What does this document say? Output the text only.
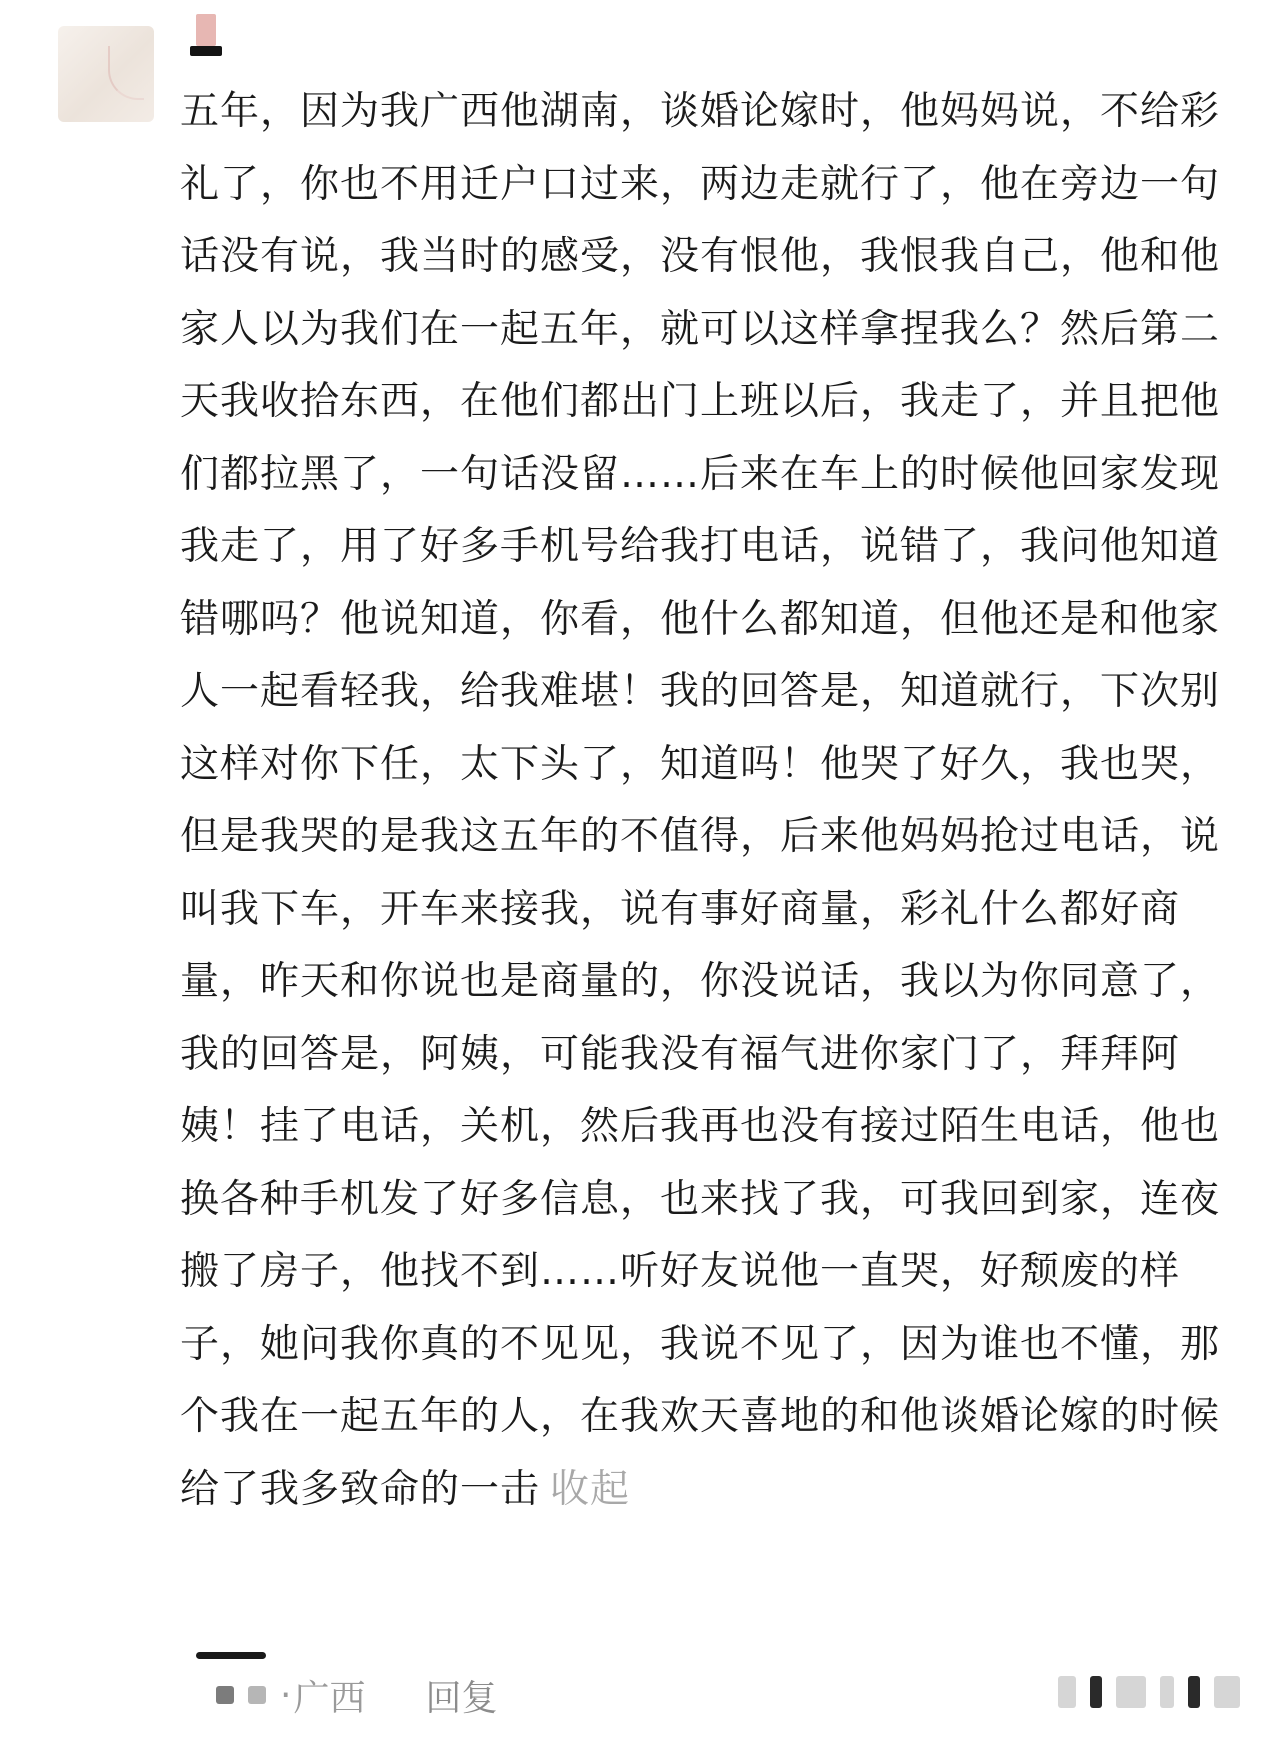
五年，因为我广西他湖南，谈婚论嫁时，他妈妈说，不给彩礼了，你也不用迁户口过来，两边走就行了，他在旁边一句话没有说，我当时的感受，没有恨他，我恨我自己，他和他家人以为我们在一起五年，就可以这样拿捏我么？然后第二天我收拾东西，在他们都出门上班以后，我走了，并且把他们都拉黑了，一句话没留……后来在车上的时候他回家发现我走了，用了好多手机号给我打电话，说错了，我问他知道错哪吗？他说知道，你看，他什么都知道，但他还是和他家人一起看轻我，给我难堪！我的回答是，知道就行，下次别这样对你下任，太下头了，知道吗！他哭了好久，我也哭，但是我哭的是我这五年的不值得，后来他妈妈抢过电话，说叫我下车，开车来接我，说有事好商量，彩礼什么都好商量，昨天和你说也是商量的，你没说话，我以为你同意了，我的回答是，阿姨，可能我没有福气进你家门了，拜拜阿姨！挂了电话，关机，然后我再也没有接过陌生电话，他也换各种手机发了好多信息，也来找了我，可我回到家，连夜搬了房子，他找不到……听好友说他一直哭，好颓废的样子，她问我你真的不见见，我说不见了，因为谁也不懂，那个我在一起五年的人，在我欢天喜地的和他谈婚论嫁的时候给了我多致命的一击 收起

· 广西 回复
